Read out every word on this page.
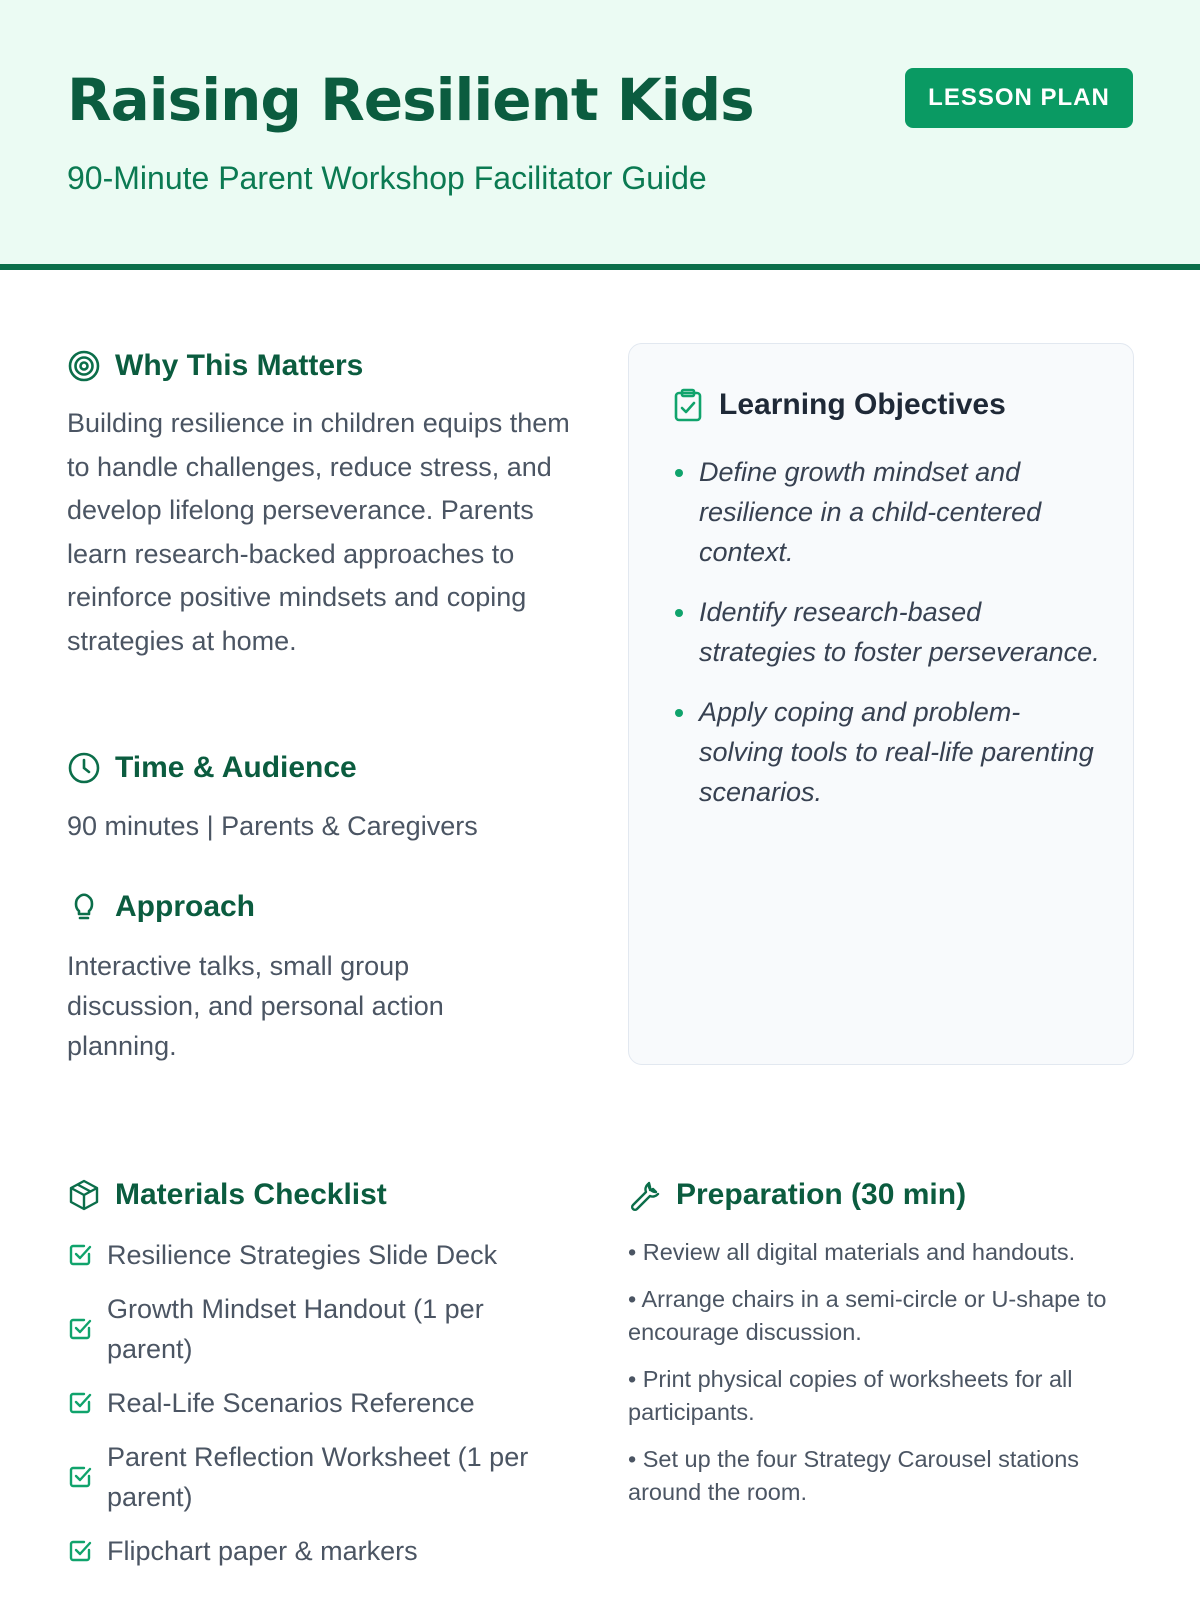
Raising Resilient Kids
90-Minute Parent Workshop Facilitator Guide
LESSON PLAN
Why This Matters
Building resilience in children equips them to handle challenges, reduce stress, and develop lifelong perseverance. Parents learn research-backed approaches to reinforce positive mindsets and coping strategies at home.
Time & Audience
90 minutes | Parents & Caregivers
Approach
Interactive talks, small group discussion, and personal action planning.
Learning Objectives
Define growth mindset and resilience in a child-centered context.
Identify research-based strategies to foster perseverance.
Apply coping and problem-solving tools to real-life parenting scenarios.
Materials Checklist
Resilience Strategies Slide Deck
Growth Mindset Handout (1 per parent)
Real-Life Scenarios Reference
Parent Reflection Worksheet (1 per parent)
Flipchart paper & markers
Preparation (30 min)
• Review all digital materials and handouts.
• Arrange chairs in a semi-circle or U-shape to encourage discussion.
• Print physical copies of worksheets for all participants.
• Set up the four Strategy Carousel stations around the room.
